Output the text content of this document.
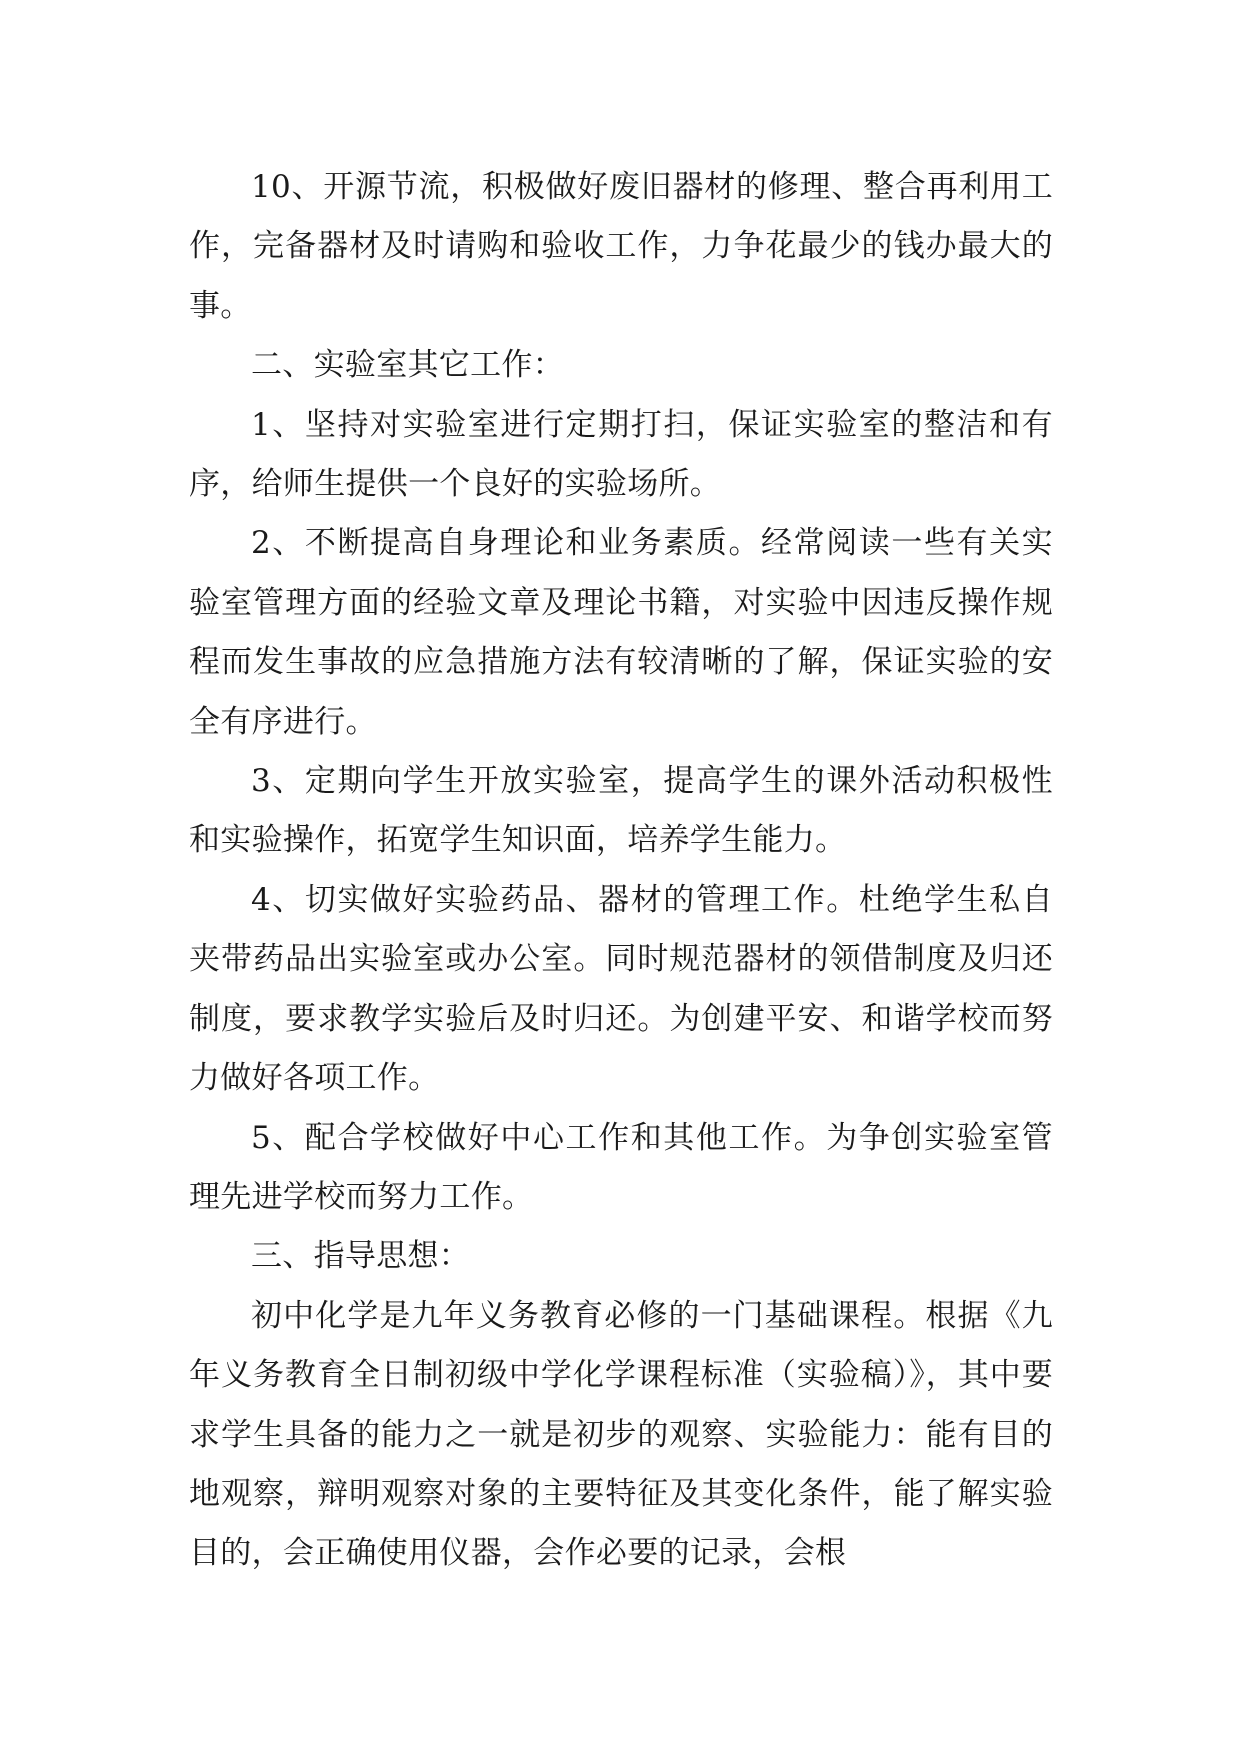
10、开源节流，积极做好废旧器材的修理、整合再利用工作，完备器材及时请购和验收工作，力争花最少的钱办最大的事。

二、实验室其它工作：

1、坚持对实验室进行定期打扫，保证实验室的整洁和有序，给师生提供一个良好的实验场所。

2、不断提高自身理论和业务素质。经常阅读一些有关实验室管理方面的经验文章及理论书籍，对实验中因违反操作规程而发生事故的应急措施方法有较清晰的了解，保证实验的安全有序进行。

3、定期向学生开放实验室，提高学生的课外活动积极性和实验操作，拓宽学生知识面，培养学生能力。

4、切实做好实验药品、器材的管理工作。杜绝学生私自夹带药品出实验室或办公室。同时规范器材的领借制度及归还制度，要求教学实验后及时归还。为创建平安、和谐学校而努力做好各项工作。

5、配合学校做好中心工作和其他工作。为争创实验室管理先进学校而努力工作。

三、指导思想：

初中化学是九年义务教育必修的一门基础课程。根据《九年义务教育全日制初级中学化学课程标准（实验稿）》，其中要求学生具备的能力之一就是初步的观察、实验能力：能有目的地观察，辩明观察对象的主要特征及其变化条件，能了解实验目的，会正确使用仪器，会作必要的记录，会根
